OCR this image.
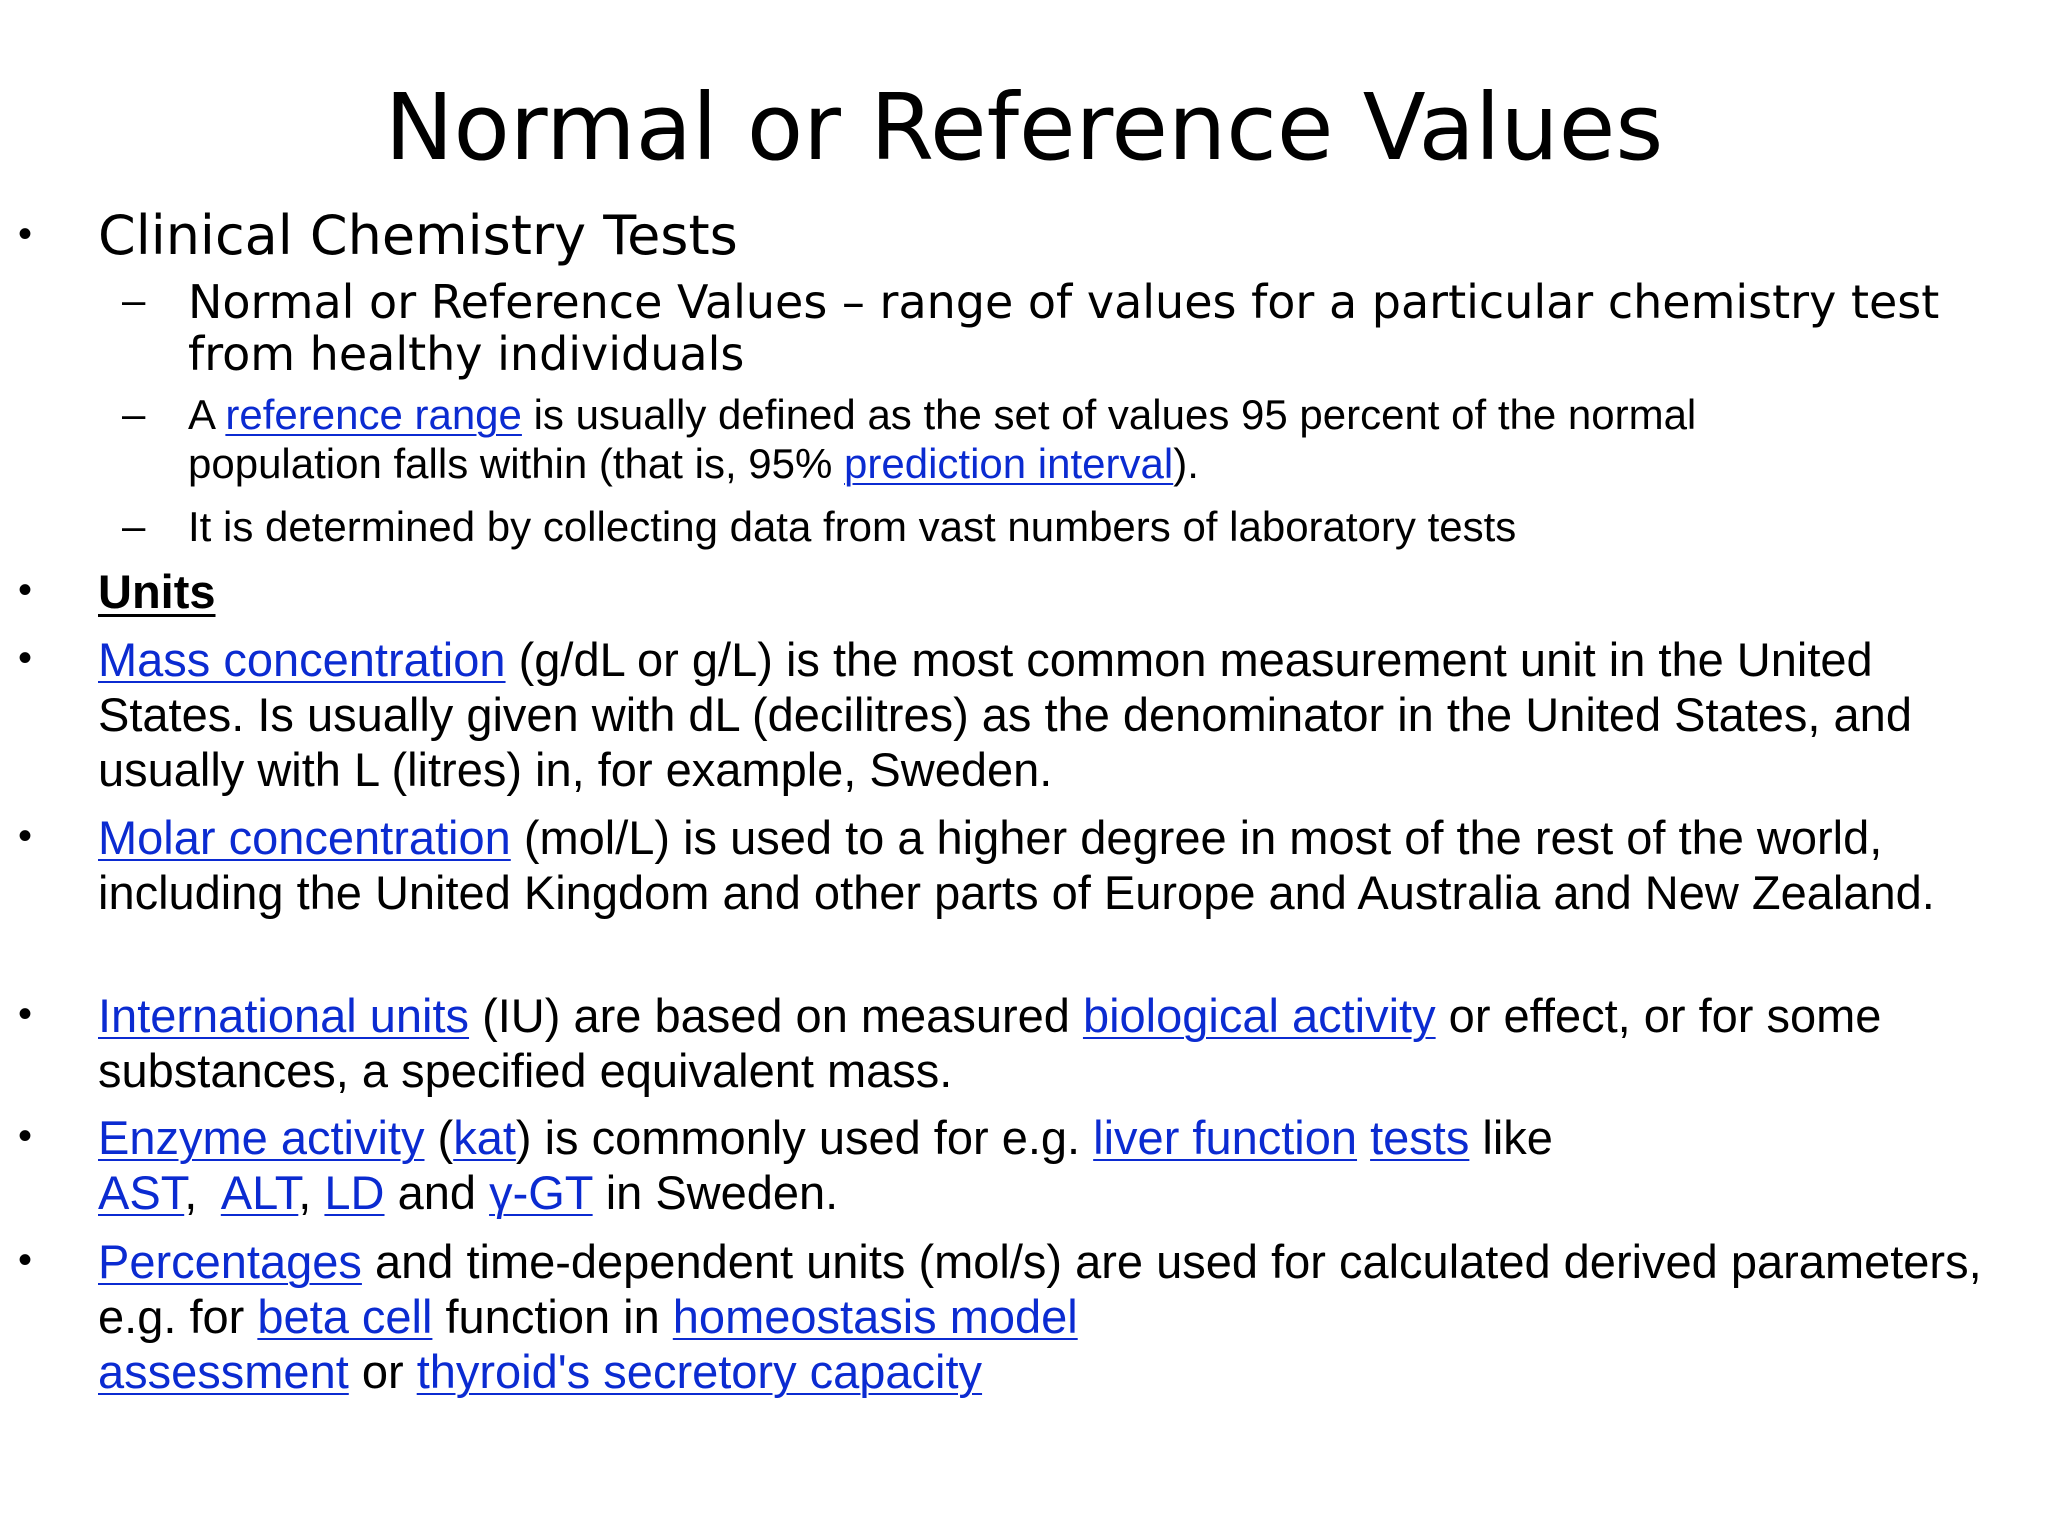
Normal or Reference Values
• Clinical Chemistry Tests
– Normal or Reference Values – range of values for a particular chemistry test
from healthy individuals
– A reference range is usually defined as the set of values 95 percent of the normal population falls within (that is, 95% prediction interval).
– It is determined by collecting data from vast numbers of laboratory tests
• Units
• Mass concentration (g/dL or g/L) is the most common measurement unit in the United States. Is usually given with dL (decilitres) as the denominator in the United States, and usually with L (litres) in, for example, Sweden.
• Molar concentration (mol/L) is used to a higher degree in most of the rest of the world, including the United Kingdom and other parts of Europe and Australia and New Zealand.
• International units (IU) are based on measured biological activity or effect, or for some substances, a specified equivalent mass.
• Enzyme activity (kat) is commonly used for e.g. liver function tests like
AST,  ALT, LD and γ-GT in Sweden.
• Percentages and time-dependent units (mol/s) are used for calculated derived parameters, e.g. for beta cell function in homeostasis model
assessment or thyroid's secretory capacity
